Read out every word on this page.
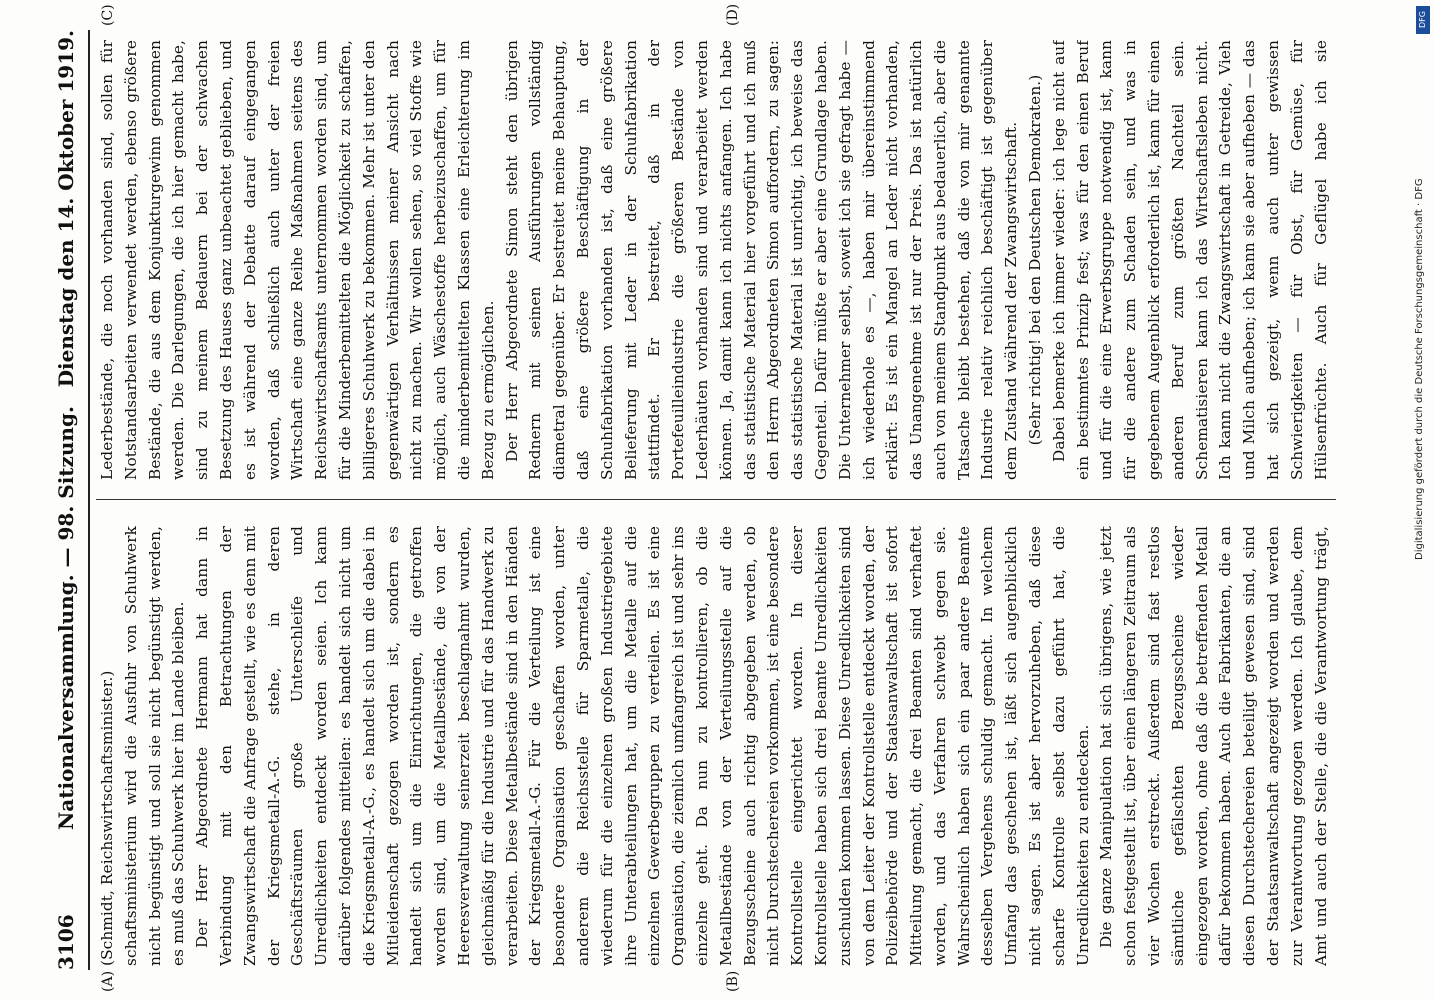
3106
Nationalversammlung. — 98. Sitzung.
Dienstag den 14. Oktober 1919.
(A)	(B)
(C)	(D)

(Schmidt, Reichswirtschaftsminister.) schaftsministerium wird die Ausfuhr von Schuhwerk nicht begünstigt und soll sie nicht begünstigt werden, es muß das Schuhwerk hier im Lande bleiben. Der Herr Abgeordnete Hermann hat dann in Verbindung mit den Betrachtungen der Zwangswirtschaft die Anfrage gestellt, wie es denn mit der Kriegsmetall-A.-G. stehe, in deren Geschäftsräumen große Unterschleife und Unredlichkeiten entdeckt worden seien. Ich kann darüber folgendes mitteilen: es handelt sich nicht um die Kriegsmetall-A.-G., es handelt sich um die dabei in Mitleidenschaft gezogen worden ist, sondern es handelt sich um die Einrichtungen, die getroffen worden sind, um die Metallbestände, die von der Heeresverwaltung seinerzeit beschlagnahmt wurden, gleichmäßig für die Industrie und für das Handwerk zu verarbeiten. Diese Metallbestände sind in den Händen der Kriegsmetall-A.-G. Für die Verteilung ist eine besondere Organisation geschaffen worden, unter anderem die Reichsstelle für Sparmetalle, die wiederum für die einzelnen großen Industriegebiete ihre Unterabteilungen hat, um die Metalle auf die einzelnen Gewerbegruppen zu verteilen. Es ist eine Organisation, die ziemlich umfangreich ist und sehr ins einzelne geht. Da nun zu kontrollieren, ob die Metallbestände von der Verteilungsstelle auf die Bezugsscheine auch richtig abgegeben werden, ob nicht Durchstechereien vorkommen, ist eine besondere Kontrollstelle eingerichtet worden. In dieser Kontrollstelle haben sich drei Beamte Unredlichkeiten zuschulden kommen lassen. Diese Unredlichkeiten sind von dem Leiter der Kontrollstelle entdeckt worden, der Polizeibehörde und der Staatsanwaltschaft ist sofort Mitteilung gemacht, die drei Beamten sind verhaftet worden, und das Verfahren schwebt gegen sie. Wahrscheinlich haben sich ein paar andere Beamte desselben Vergehens schuldig gemacht. In welchem Umfang das geschehen ist, läßt sich augenblicklich nicht sagen. Es ist aber hervorzuheben, daß diese scharfe Kontrolle selbst dazu geführt hat, die Unredlichkeiten zu entdecken. Die ganze Manipulation hat sich übrigens, wie jetzt schon festgestellt ist, über einen längeren Zeitraum als vier Wochen erstreckt. Außerdem sind fast restlos sämtliche gefälschten Bezugsscheine wieder eingezogen worden, ohne daß die betreffenden Metall dafür bekommen haben. Auch die Fabrikanten, die an diesen Durchstechereien beteiligt gewesen sind, sind der Staatsanwaltschaft angezeigt worden und werden zur Verantwortung gezogen werden. Ich glaube, dem Amt und auch der Stelle, die die Verantwortung trägt,

Lederbestände, die noch vorhanden sind, sollen für Notstandsarbeiten verwendet werden, ebenso größere Bestände, die aus dem Konjunkturgewinn genommen werden. Die Darlegungen, die ich hier gemacht habe, sind zu meinem Bedauern bei der schwachen Besetzung des Hauses ganz unbeachtet geblieben, und es ist während der Debatte darauf eingegangen worden, daß schließlich auch unter der freien Wirtschaft eine ganze Reihe Maßnahmen seitens des Reichswirtschaftsamts unternommen worden sind, um für die Minderbemittelten die Möglichkeit zu schaffen, billigeres Schuhwerk zu bekommen. Mehr ist unter den gegenwärtigen Verhältnissen meiner Ansicht nach nicht zu machen. Wir wollen sehen, so viel Stoffe wie möglich, auch Wäschestoffe herbeizuschaffen, um für die minderbemittelten Klassen eine Erleichterung im Bezug zu ermöglichen. Der Herr Abgeordnete Simon steht den übrigen Rednern mit seinen Ausführungen vollständig diametral gegenüber. Er bestreitet meine Behauptung, daß eine größere Beschäftigung in der Schuhfabrikation vorhanden ist, daß eine größere Belieferung mit Leder in der Schuhfabrikation stattfindet. Er bestreitet, daß in der Portefeuilleindustrie die größeren Bestände von Lederhäuten vorhanden sind und verarbeitet werden können. Ja, damit kann ich nichts anfangen. Ich habe das statistische Material hier vorgeführt und ich muß den Herrn Abgeordneten Simon auffordern, zu sagen: das statistische Material ist unrichtig, ich beweise das Gegenteil. Dafür müßte er aber eine Grundlage haben. Die Unternehmer selbst, soweit ich sie gefragt habe — ich wiederhole es —, haben mir übereinstimmend erklärt: Es ist ein Mangel an Leder nicht vorhanden, das Unangenehme ist nur der Preis. Das ist natürlich auch von meinem Standpunkt aus bedauerlich, aber die Tatsache bleibt bestehen, daß die von mir genannte Industrie relativ reichlich beschäftigt ist gegenüber dem Zustand während der Zwangswirtschaft. (Sehr richtig! bei den Deutschen Demokraten.) Dabei bemerke ich immer wieder: ich lege nicht auf ein bestimmtes Prinzip fest; was für den einen Beruf und für die eine Erwerbsgruppe notwendig ist, kann für die andere zum Schaden sein, und was in gegebenem Augenblick erforderlich ist, kann für einen anderen Beruf zum größten Nachteil sein. Schematisieren kann ich das Wirtschaftsleben nicht. Ich kann nicht die Zwangswirtschaft in Getreide, Vieh und Milch aufheben; ich kann sie aber aufheben — das hat sich gezeigt, wenn auch unter gewissen Schwierigkeiten — für Obst, für Gemüse, für Hülsenfrüchte. Auch für Geflügel habe ich sie

DFG
Digitalisierung gefördert durch die Deutsche Forschungsgemeinschaft · DFG
